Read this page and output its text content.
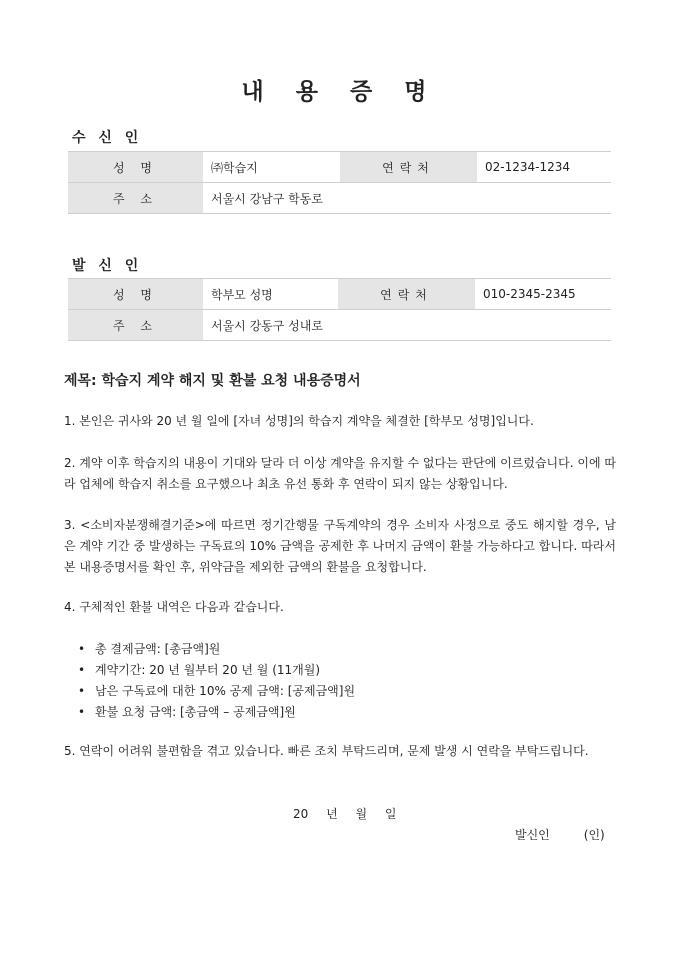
내 용 증 명
수 신 인
성 명	㈜학습지	연락처	02-1234-1234
주 소	서울시 강남구 학동로		
발 신 인
성 명	학부모 성명	연락처	010-2345-2345
주 소	서울시 강동구 성내로		
제목: 학습지 계약 해지 및 환불 요청 내용증명서
1. 본인은 귀사와 20 년 월 일에 [자녀 성명]의 학습지 계약을 체결한 [학부모 성명]입니다.
2. 계약 이후 학습지의 내용이 기대와 달라 더 이상 계약을 유지할 수 없다는 판단에 이르렀습니다. 이에 따라 업체에 학습지 취소를 요구했으나 최초 유선 통화 후 연락이 되지 않는 상황입니다.
3. <소비자분쟁해결기준>에 따르면 정기간행물 구독계약의 경우 소비자 사정으로 중도 해지할 경우, 남은 계약 기간 중 발생하는 구독료의 10% 금액을 공제한 후 나머지 금액이 환불 가능하다고 합니다. 따라서 본 내용증명서를 확인 후, 위약금을 제외한 금액의 환불을 요청합니다.
4. 구체적인 환불 내역은 다음과 같습니다.
• 총 결제금액: [총금액]원
• 계약기간: 20 년 월부터 20 년 월 (11개월)
• 남은 구독료에 대한 10% 공제 금액: [공제금액]원
• 환불 요청 금액: [총금액 – 공제금액]원
5. 연락이 어려워 불편함을 겪고 있습니다. 빠른 조치 부탁드리며, 문제 발생 시 연락을 부탁드립니다.
20 년 월 일
발신인	(인)
